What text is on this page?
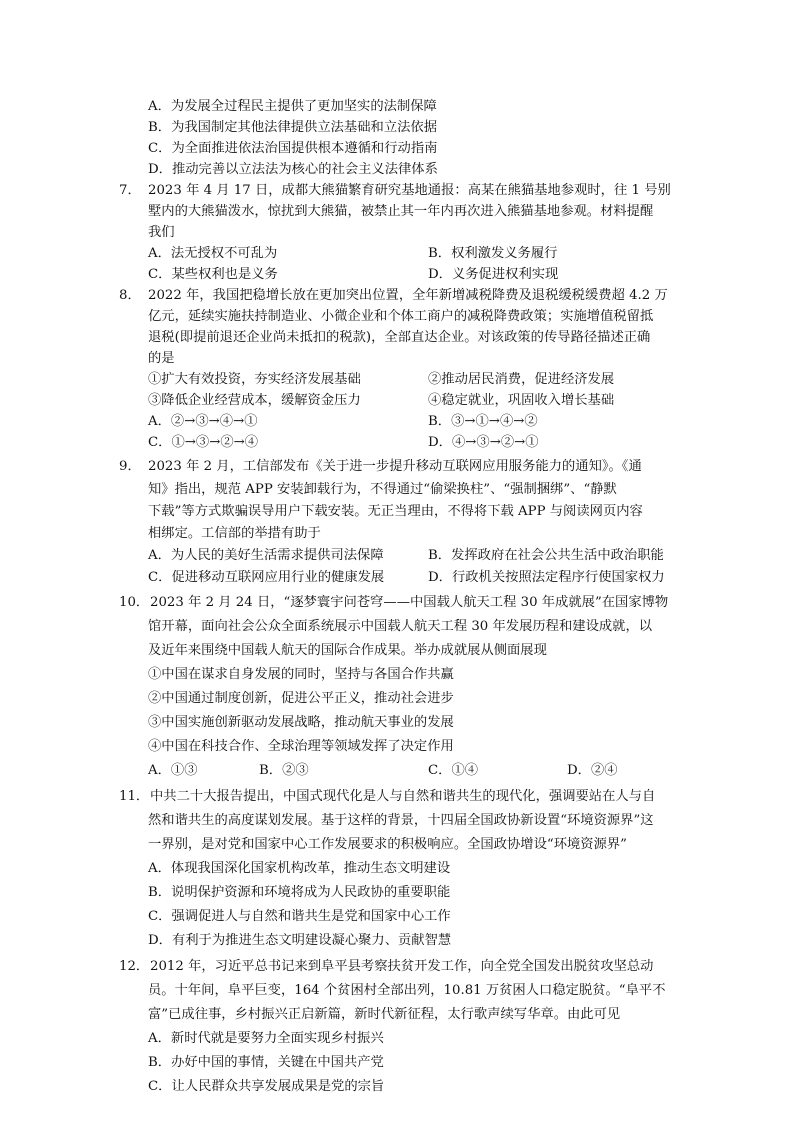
A．为发展全过程民主提供了更加坚实的法制保障
B．为我国制定其他法律提供立法基础和立法依据
C．为全面推进依法治国提供根本遵循和行动指南
D．推动完善以立法法为核心的社会主义法律体系
7． 2023 年 4 月 17 日，成都大熊猫繁育研究基地通报：高某在熊猫基地参观时，往 1 号别
墅内的大熊猫泼水，惊扰到大熊猫，被禁止其一年内再次进入熊猫基地参观。材料提醒
我们
A．法无授权不可乱为	B．权利激发义务履行
C．某些权利也是义务	D．义务促进权利实现
8． 2022 年，我国把稳增长放在更加突出位置，全年新增减税降费及退税缓税缓费超 4.2 万
亿元，延续实施扶持制造业、小微企业和个体工商户的减税降费政策；实施增值税留抵
退税(即提前退还企业尚未抵扣的税款)，全部直达企业。对该政策的传导路径描述正确
的是
①扩大有效投资，夯实经济发展基础	②推动居民消费，促进经济发展
③降低企业经营成本，缓解资金压力	④稳定就业，巩固收入增长基础
A．②→③→④→①	B．③→①→④→②
C．①→③→②→④	D．④→③→②→①
9． 2023 年 2 月，工信部发布《关于进一步提升移动互联网应用服务能力的通知》。《通
知》指出，规范 APP 安装卸载行为，不得通过“偷梁换柱”、“强制捆绑”、“静默
下载”等方式欺骗误导用户下载安装。无正当理由，不得将下载 APP 与阅读网页内容
相绑定。工信部的举措有助于
A．为人民的美好生活需求提供司法保障	B．发挥政府在社会公共生活中政治职能
C．促进移动互联网应用行业的健康发展	D．行政机关按照法定程序行使国家权力
10． 2023 年 2 月 24 日，“逐梦寰宇问苍穹——中国载人航天工程 30 年成就展”在国家博物
馆开幕，面向社会公众全面系统展示中国载人航天工程 30 年发展历程和建设成就，以
及近年来围绕中国载人航天的国际合作成果。举办成就展从侧面展现
①中国在谋求自身发展的同时，坚持与各国合作共赢
②中国通过制度创新，促进公平正义，推动社会进步
③中国实施创新驱动发展战略，推动航天事业的发展
④中国在科技合作、全球治理等领域发挥了决定作用
A．①③	B．②③	C．①④	D．②④
11． 中共二十大报告提出，中国式现代化是人与自然和谐共生的现代化，强调要站在人与自
然和谐共生的高度谋划发展。基于这样的背景，十四届全国政协新设置“环境资源界”这
一界别，是对党和国家中心工作发展要求的积极响应。全国政协增设“环境资源界”
A．体现我国深化国家机构改革，推动生态文明建设
B．说明保护资源和环境将成为人民政协的重要职能
C．强调促进人与自然和谐共生是党和国家中心工作
D．有利于为推进生态文明建设凝心聚力、贡献智慧
12． 2012 年，习近平总书记来到阜平县考察扶贫开发工作，向全党全国发出脱贫攻坚总动
员。十年间，阜平巨变，164 个贫困村全部出列，10.81 万贫困人口稳定脱贫。“阜平不
富”已成往事，乡村振兴正启新篇，新时代新征程，太行歌声续写华章。由此可见
A．新时代就是要努力全面实现乡村振兴
B．办好中国的事情，关键在中国共产党
C．让人民群众共享发展成果是党的宗旨
